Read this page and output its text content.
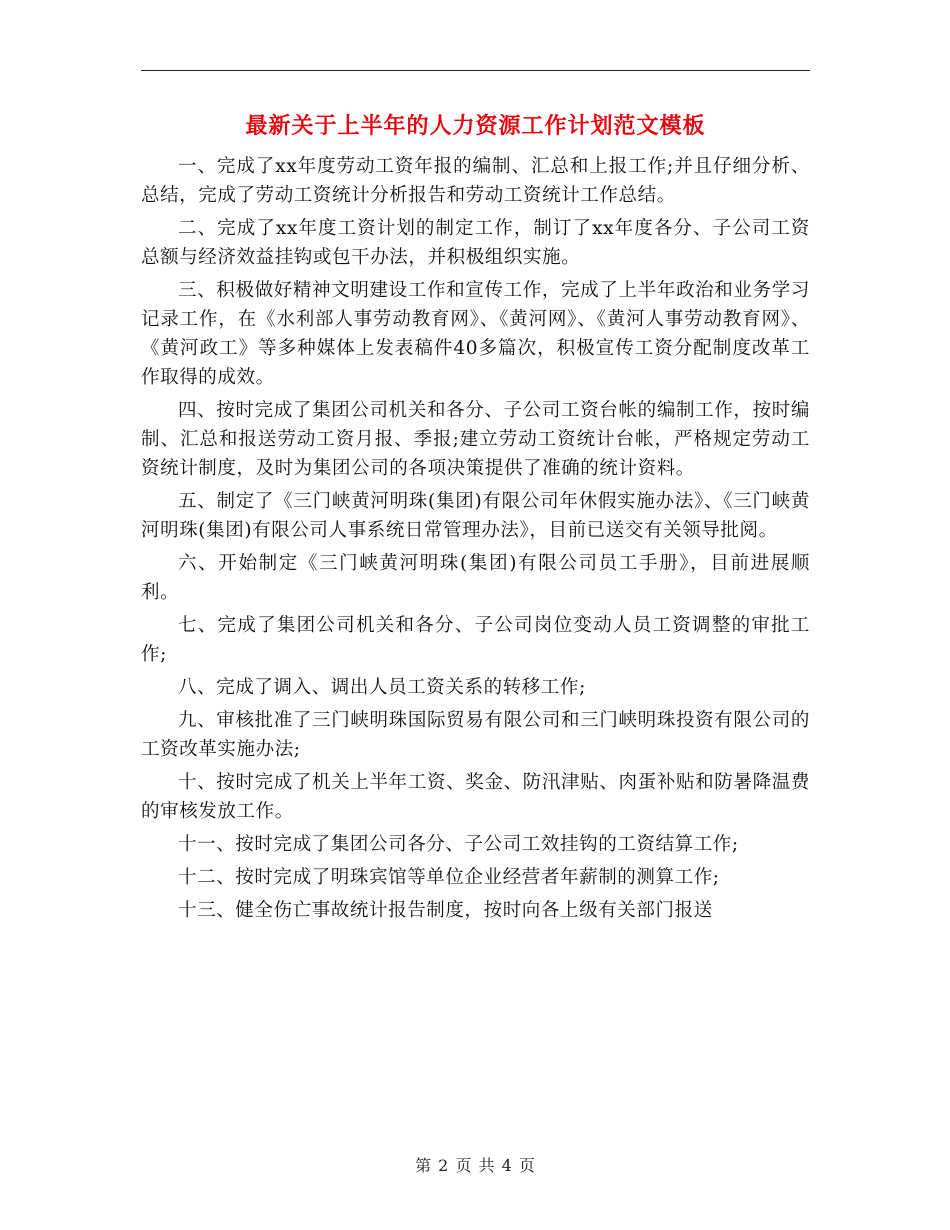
最新关于上半年的人力资源工作计划范文模板

一、完成了xx年度劳动工资年报的编制、汇总和上报工作;并且仔细分析、总结，完成了劳动工资统计分析报告和劳动工资统计工作总结。

二、完成了xx年度工资计划的制定工作，制订了xx年度各分、子公司工资总额与经济效益挂钩或包干办法，并积极组织实施。

三、积极做好精神文明建设工作和宣传工作，完成了上半年政治和业务学习记录工作，在《水利部人事劳动教育网》、《黄河网》、《黄河人事劳动教育网》、《黄河政工》等多种媒体上发表稿件40多篇次，积极宣传工资分配制度改革工作取得的成效。

四、按时完成了集团公司机关和各分、子公司工资台帐的编制工作，按时编制、汇总和报送劳动工资月报、季报;建立劳动工资统计台帐，严格规定劳动工资统计制度，及时为集团公司的各项决策提供了准确的统计资料。

五、制定了《三门峡黄河明珠(集团)有限公司年休假实施办法》、《三门峡黄河明珠(集团)有限公司人事系统日常管理办法》，目前已送交有关领导批阅。

六、开始制定《三门峡黄河明珠(集团)有限公司员工手册》，目前进展顺利。

七、完成了集团公司机关和各分、子公司岗位变动人员工资调整的审批工作;

八、完成了调入、调出人员工资关系的转移工作;

九、审核批准了三门峡明珠国际贸易有限公司和三门峡明珠投资有限公司的工资改革实施办法;

十、按时完成了机关上半年工资、奖金、防汛津贴、肉蛋补贴和防暑降温费的审核发放工作。

十一、按时完成了集团公司各分、子公司工效挂钩的工资结算工作;

十二、按时完成了明珠宾馆等单位企业经营者年薪制的测算工作;

十三、健全伤亡事故统计报告制度，按时向各上级有关部门报送

第 2 页 共 4 页
